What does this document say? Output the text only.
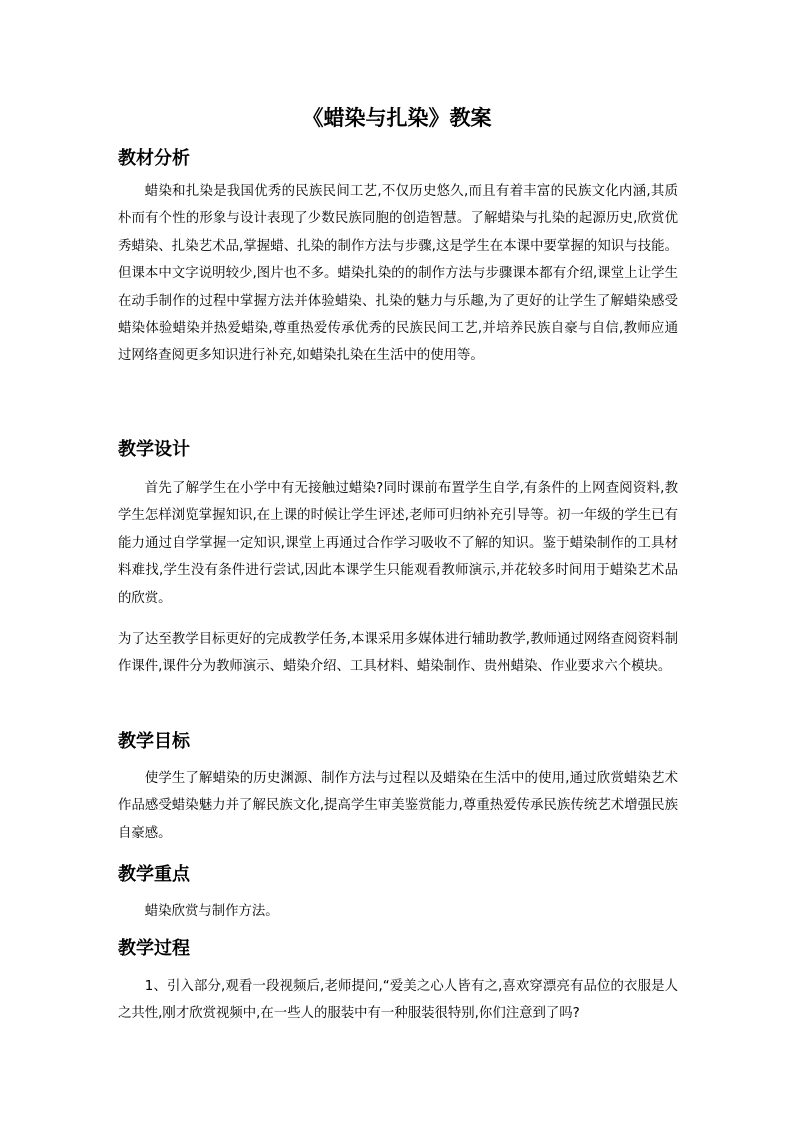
《蜡染与扎染》教案
教材分析

蜡染和扎染是我国优秀的民族民间工艺,不仅历史悠久,而且有着丰富的民族文化内涵,其质朴而有个性的形象与设计表现了少数民族同胞的创造智慧。了解蜡染与扎染的起源历史,欣赏优秀蜡染、扎染艺术品,掌握蜡、扎染的制作方法与步骤,这是学生在本课中要掌握的知识与技能。但课本中文字说明较少,图片也不多。蜡染扎染的的制作方法与步骤课本都有介绍,课堂上让学生在动手制作的过程中掌握方法并体验蜡染、扎染的魅力与乐趣,为了更好的让学生了解蜡染感受蜡染体验蜡染并热爱蜡染,尊重热爱传承优秀的民族民间工艺,并培养民族自豪与自信,教师应通过网络查阅更多知识进行补充,如蜡染扎染在生活中的使用等。

教学设计

首先了解学生在小学中有无接触过蜡染?同时课前布置学生自学,有条件的上网查阅资料,教学生怎样浏览掌握知识,在上课的时候让学生评述,老师可归纳补充引导等。初一年级的学生已有能力通过自学掌握一定知识,课堂上再通过合作学习吸收不了解的知识。鉴于蜡染制作的工具材料难找,学生没有条件进行尝试,因此本课学生只能观看教师演示,并花较多时间用于蜡染艺术品的欣赏。

为了达至教学目标更好的完成教学任务,本课采用多媒体进行辅助教学,教师通过网络查阅资料制作课件,课件分为教师演示、蜡染介绍、工具材料、蜡染制作、贵州蜡染、作业要求六个模块。

教学目标

使学生了解蜡染的历史渊源、制作方法与过程以及蜡染在生活中的使用,通过欣赏蜡染艺术作品感受蜡染魅力并了解民族文化,提高学生审美鉴赏能力,尊重热爱传承民族传统艺术增强民族自豪感。

教学重点

蜡染欣赏与制作方法。

教学过程

1、引入部分,观看一段视频后,老师提问,“爱美之心人皆有之,喜欢穿漂亮有品位的衣服是人之共性,刚才欣赏视频中,在一些人的服装中有一种服装很特别,你们注意到了吗?
